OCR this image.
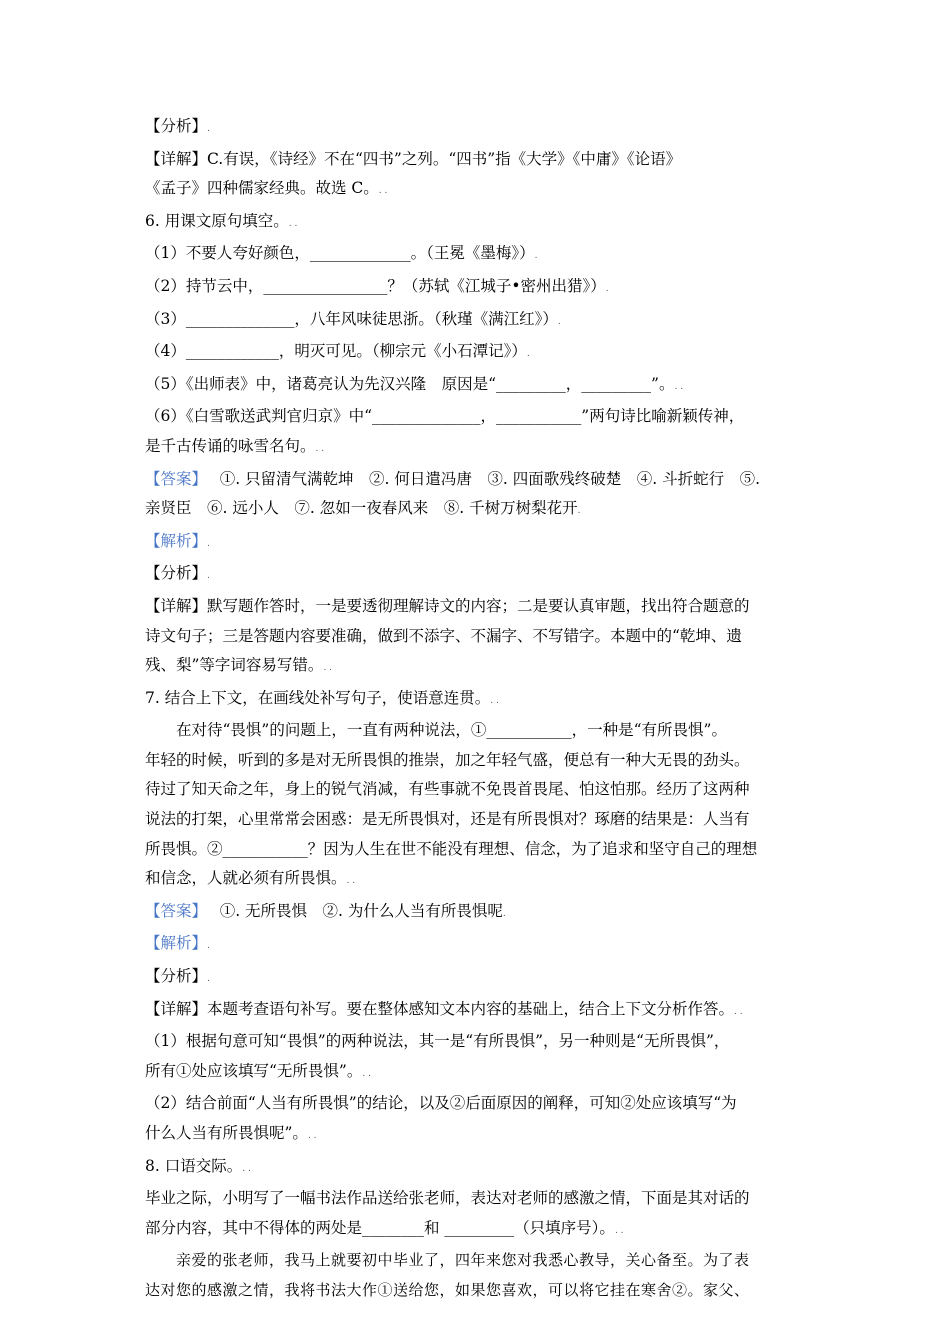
【分析】.
【详解】C.有误，《诗经》不在“四书”之列。“四书”指《大学》《中庸》《论语》
《孟子》四种儒家经典。故选 C。. .
6. 用课文原句填空。. .
（1）不要人夸好颜色，_____________。（王冕《墨梅》）.
（2）持节云中，________________？（苏轼《江城子•密州出猎》）.
（3）______________，八年风味徒思浙。（秋瑾《满江红》）.
（4）____________，明灭可见。（柳宗元《小石潭记》）.
（5）《出师表》中，诸葛亮认为先汉兴隆　原因是“_________，_________”。. .
（6）《白雪歌送武判官归京》中“______________，___________”两句诗比喻新颖传神，
是千古传诵的咏雪名句。. .
【答案】　 ①. 只留清气满乾坤　②. 何日遣冯唐　③. 四面歌残终破楚　④. 斗折蛇行　⑤.
亲贤臣　⑥. 远小人　⑦. 忽如一夜春风来　⑧. 千树万树梨花开.
【解析】.
【分析】.
【详解】默写题作答时，一是要透彻理解诗文的内容；二是要认真审题，找出符合题意的
诗文句子；三是答题内容要准确，做到不添字、不漏字、不写错字。本题中的“乾坤、遗
残、梨”等字词容易写错。. .
7. 结合上下文，在画线处补写句子，使语意连贯。. .
在对待“畏惧”的问题上，一直有两种说法，①___________，一种是“有所畏惧”。
年轻的时候，听到的多是对无所畏惧的推崇，加之年轻气盛，便总有一种大无畏的劲头。
待过了知天命之年，身上的锐气消减，有些事就不免畏首畏尾、怕这怕那。经历了这两种
说法的打架，心里常常会困惑：是无所畏惧对，还是有所畏惧对？琢磨的结果是：人当有
所畏惧。②___________？因为人生在世不能没有理想、信念，为了追求和坚守自己的理想
和信念，人就必须有所畏惧。. .
【答案】　 ①. 无所畏惧　②. 为什么人当有所畏惧呢.
【解析】.
【分析】.
【详解】本题考查语句补写。要在整体感知文本内容的基础上，结合上下文分析作答。. .
（1）根据句意可知“畏惧”的两种说法，其一是“有所畏惧”，另一种则是“无所畏惧”，
所有①处应该填写“无所畏惧”。. .
（2）结合前面“人当有所畏惧”的结论，以及②后面原因的阐释，可知②处应该填写“为
什么人当有所畏惧呢”。. .
8. 口语交际。. .
毕业之际，小明写了一幅书法作品送给张老师，表达对老师的感激之情，下面是其对话的
部分内容，其中不得体的两处是________和 _________（只填序号）。. .
亲爱的张老师，我马上就要初中毕业了，四年来您对我悉心教导，关心备至。为了表
达对您的感激之情，我将书法大作①送给您，如果您喜欢，可以将它挂在寒舍②。家父、
